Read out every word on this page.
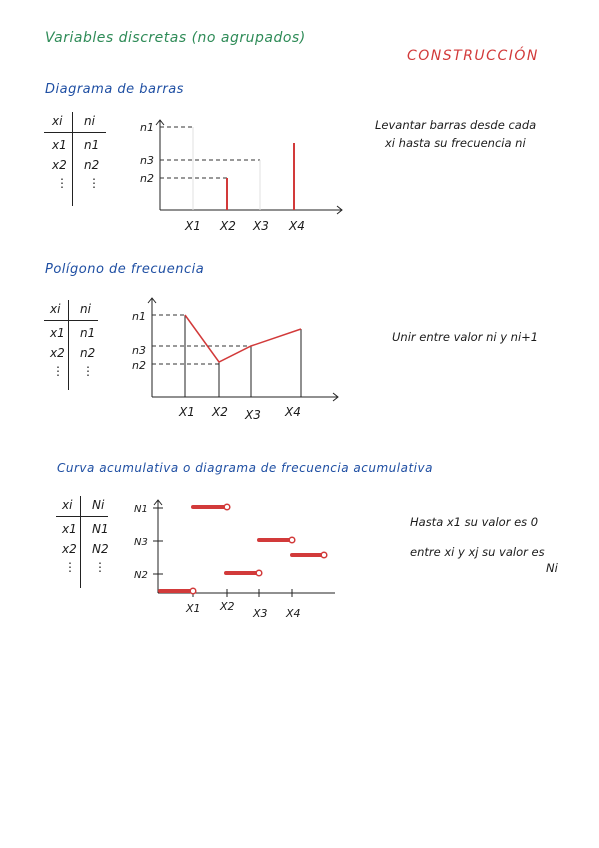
Variables discretas (no agrupados)
CONSTRUCCIÓN
Diagrama de barras
xi ni
x1 n1
x2 n2
⋮ ⋮
n1
n3
n2
X1 X2 X3 X4
Levantar barras desde cada
xi hasta su frecuencia ni
Polígono de frecuencia
xi ni
x1 n1
x2 n2
⋮ ⋮
n1
n3
n2
X1 X2 X3 X4
Unir entre valor ni y ni+1
Curva acumulativa o diagrama de frecuencia acumulativa
xi Ni
x1 N1
x2 N2
⋮ ⋮
N1
N3
N2
X1 X2
X3 X4
Hasta x1 su valor es 0
entre xi y xj su valor es
Ni
